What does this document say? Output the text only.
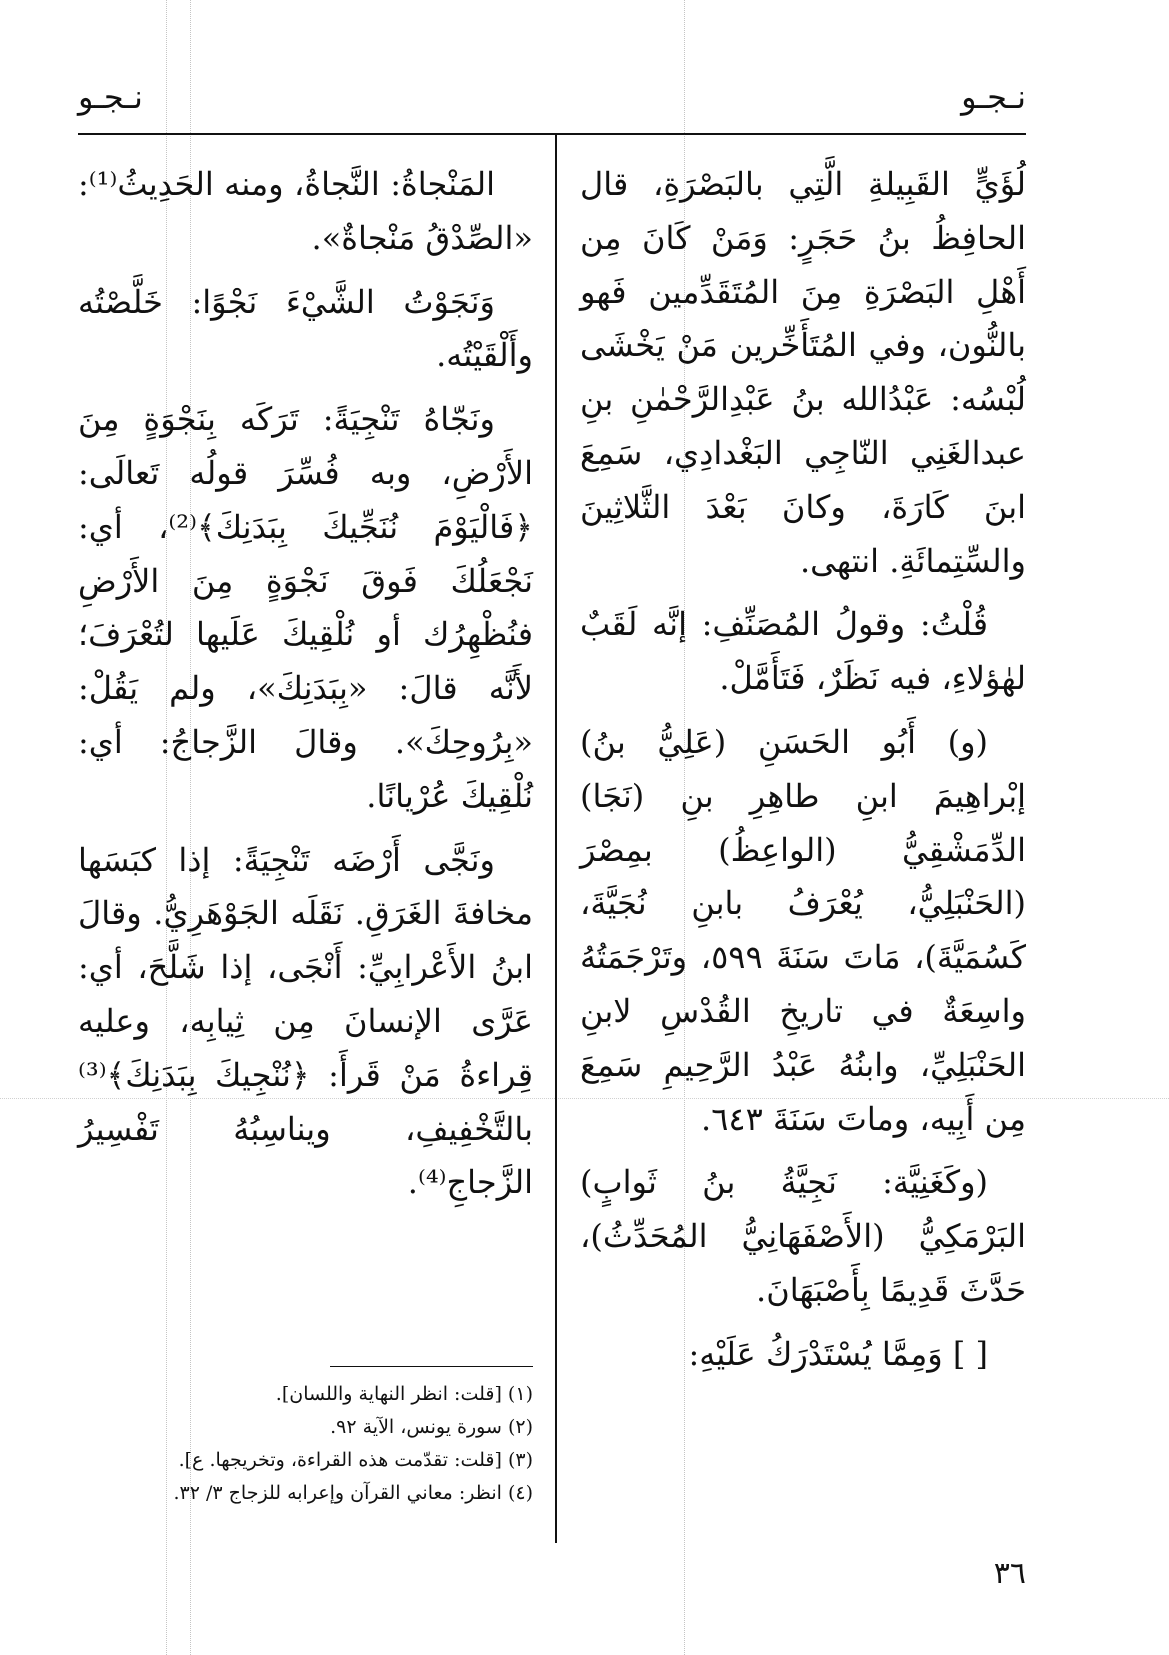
نـجـو
نـجـو

لُؤَيٍّ القَبِيلةِ الَّتِي بالبَصْرَةِ، قال الحافِظُ بنُ حَجَرٍ: وَمَنْ كَانَ مِن أَهْلِ البَصْرَةِ مِنَ المُتَقَدِّمين فَهو بالنُّون، وفي المُتَأَخِّرين مَنْ يَخْشَى لُبْسُه: عَبْدُالله بنُ عَبْدِالرَّحْمٰنِ بنِ عبدالغَنِي النّاجِي البَغْدادِي، سَمِعَ ابنَ كَارَةَ، وكانَ بَعْدَ الثَّلاثِينَ والسِّتِمائَةِ. انتهى.

قُلْتُ: وقولُ المُصَنِّفِ: إنَّه لَقَبٌ لهٰؤلاءِ، فيه نَظَرٌ، فَتَأَمَّلْ.

(و) أَبُو الحَسَنِ (عَلِيُّ بنُ) إبْراهِيمَ ابنِ طاهِرِ بنِ (نَجَا) الدِّمَشْقِيُّ (الواعِظُ) بمِصْرَ (الحَنْبَلِيُّ، يُعْرَفُ بابنِ نُجَيَّةَ، كَسُمَيَّةَ)، مَاتَ سَنَةَ ٥٩٩، وتَرْجَمَتُهُ واسِعَةٌ في تاريخِ القُدْسِ لابنِ الحَنْبَلِيِّ، وابنُهُ عَبْدُ الرَّحِيمِ سَمِعَ مِن أَبِيه، وماتَ سَنَةَ ٦٤٣.

(وكَغَنِيَّة: نَجِيَّةُ بنُ ثَوابٍ) البَرْمَكِيُّ (الأَصْفَهَانِيُّ المُحَدِّثُ)، حَدَّثَ قَدِيمًا بِأَصْبَهَانَ.

[ ] وَمِمَّا يُسْتَدْرَكُ عَلَيْهِ:

المَنْجاةُ: النَّجاةُ، ومنه الحَدِيثُ⁽¹⁾: «الصِّدْقُ مَنْجاةٌ».

وَنَجَوْتُ الشَّيْءَ نَجْوًا: خَلَّصْتُه وأَلْقَيْتُه.

ونَجّاهُ تَنْجِيَةً: تَرَكَه بِنَجْوَةٍ مِنَ الأَرْضِ، وبه فُسِّرَ قولُه تَعالَى: ﴿فَالْيَوْمَ نُنَجِّيكَ بِبَدَنِكَ﴾⁽²⁾، أي: نَجْعَلُكَ فَوقَ نَجْوَةٍ مِنَ الأَرْضِ فنُظْهِرُك أو نُلْقِيكَ عَلَيها لتُعْرَفَ؛ لأَنَّه قالَ: «بِبَدَنِكَ»، ولم يَقُلْ: «بِرُوحِكَ». وقالَ الزَّجاجُ: أي: نُلْقِيكَ عُرْيانًا.

ونَجَّى أَرْضَه تَنْجِيَةً: إذا كبَسَها مخافةَ الغَرَقِ. نَقَلَه الجَوْهَرِيُّ. وقالَ ابنُ الأَعْرابِيِّ: أَنْجَى، إذا شَلَّحَ، أي: عَرَّى الإنسانَ مِن ثِيابِه، وعليه قِراءةُ مَنْ قَرأَ: ﴿نُنْجِيكَ بِبَدَنِكَ﴾⁽³⁾ بالتَّخْفِيفِ، ويناسِبُهُ تَفْسِيرُ الزَّجاجِ⁽⁴⁾.

(١) [قلت: انظر النهاية واللسان].

(٢) سورة يونس، الآية ٩٢.

(٣) [قلت: تقدّمت هذه القراءة، وتخريجها. ع].

(٤) انظر: معاني القرآن وإعرابه للزجاج ٣/ ٣٢.

٣٦
